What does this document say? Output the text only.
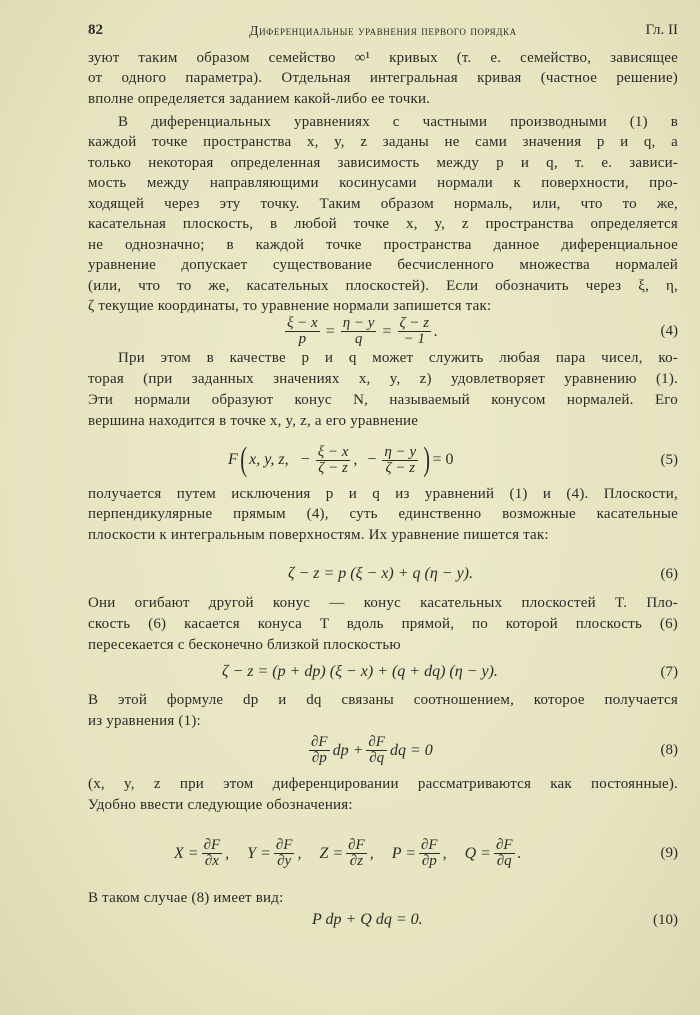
82	Диференциальные уравнения первого порядка	Гл. II
зуют таким образом семейство ∞¹ кривых (т. е. семейство, зависящее
от одного параметра). Отдельная интегральная кривая (частное решение)
вполне определяется заданием какой-либо ее точки.
В диференциальных уравнениях с частными производными (1) в
каждой точке пространства x, y, z заданы не сами значения p и q, а
только некоторая определенная зависимость между p и q, т. е. зависи-
мость между направляющими косинусами нормали к поверхности, про-
ходящей через эту точку. Таким образом нормаль, или, что то же,
касательная плоскость, в любой точке x, y, z пространства определяется
не однозначно; в каждой точке пространства данное диференциальное
уравнение допускает существование бесчисленного множества нормалей
(или, что то же, касательных плоскостей). Если обозначить через ξ, η,
ζ текущие координаты, то уравнение нормали запишется так:
При этом в качестве p и q может служить любая пара чисел, ко-
торая (при заданных значениях x, y, z) удовлетворяет уравнению (1).
Эти нормали образуют конус N, называемый конусом нормалей. Его
вершина находится в точке x, y, z, а его уравнение
получается путем исключения p и q из уравнений (1) и (4). Плоскости,
перпендикулярные прямым (4), суть единственно возможные касательные
плоскости к интегральным поверхностям. Их уравнение пишется так:
Они огибают другой конус — конус касательных плоскостей T. Пло-
скость (6) касается конуса T вдоль прямой, по которой плоскость (6)
пересекается с бесконечно близкой плоскостью
В этой формуле dp и dq связаны соотношением, которое получается
из уравнения (1):
(x, y, z при этом диференцировании рассматриваются как постоянные).
Удобно ввести следующие обозначения:
В таком случае (8) имеет вид:
$\frac{\xi - x}{p} = \frac{\eta - y}{q} = \frac{\zeta - z}{- 1}$ .	(4)
F ( x, y, z, − $\frac{\xi - x}{\zeta - z}$ , − $\frac{\eta - y}{\zeta - z}$ ) = 0	(5)
ζ − z = p (ξ − x) + q (η − y).	(6)
ζ − z = (p + dp) (ξ − x) + (q + dq) (η − y).	(7)
$\frac{\partial F}{\partial p}$ dp + $\frac{\partial F}{\partial q}$ dq = 0	(8)
$X = \frac{\partial F}{\partial x}$ , $Y = \frac{\partial F}{\partial y}$ , $Z = \frac{\partial F}{\partial z}$ , $P = \frac{\partial F}{\partial p}$ , $Q = \frac{\partial F}{\partial q}$ .	(9)
P dp + Q dq = 0.	(10)
